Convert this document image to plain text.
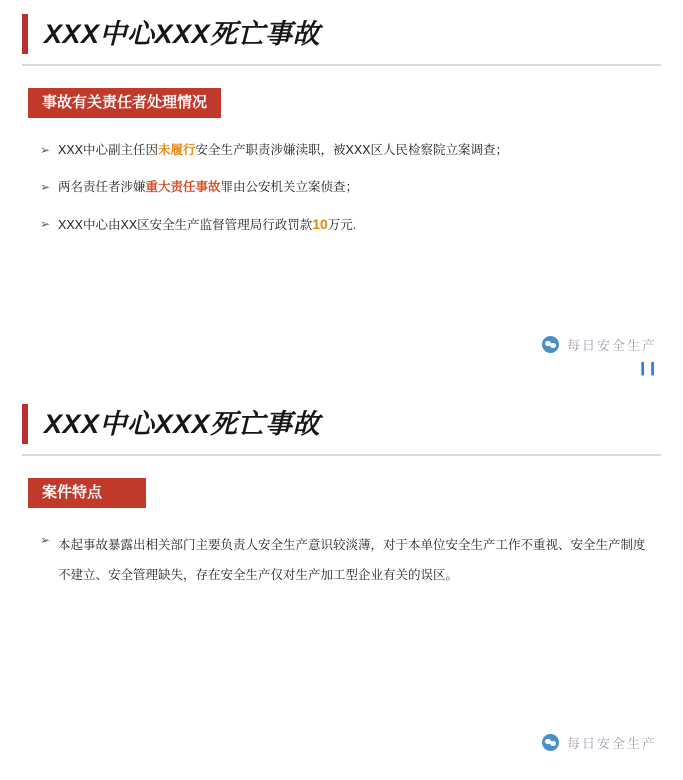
XXX中心XXX死亡事故
事故有关责任者处理情况
➢ XXX中心副主任因未履行安全生产职责涉嫌渎职，被XXX区人民检察院立案调查；
➢ 两名责任者涉嫌重大责任事故罪由公安机关立案侦查；
➢ XXX中心由XX区安全生产监督管理局行政罚款10万元.
每日安全生产
❙❙
XXX中心XXX死亡事故
案件特点
➢ 本起事故暴露出相关部门主要负责人安全生产意识较淡薄，对于本单位安全生产工作不重视、安全生产制度不建立、安全管理缺失，存在安全生产仅对生产加工型企业有关的误区。
每日安全生产
